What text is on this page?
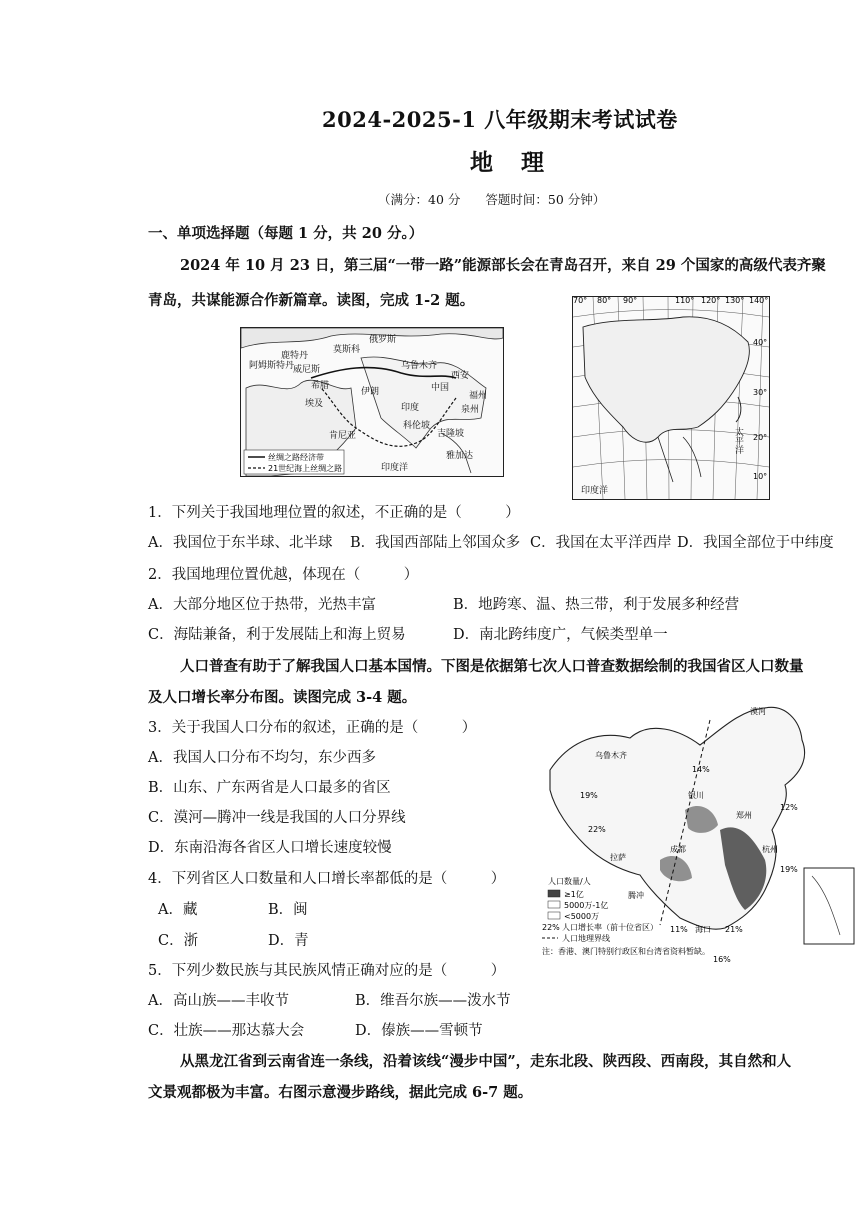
2024-2025-1 八年级期末考试试卷
地 理
（满分：40 分　　答题时间：50 分钟）
一、单项选择题（每题 1 分，共 20 分。）
2024 年 10 月 23 日，第三届“一带一路”能源部长会在青岛召开，来自 29 个国家的高级代表齐聚
青岛，共谋能源合作新篇章。读图，完成 1-2 题。
俄罗斯
乌鲁木齐
中国
西安
福州
泉州
伊朗
印度
科伦坡
雅加达
吉隆坡
肯尼亚
威尼斯
鹿特丹
莫斯科
阿姆斯特丹
希腊
埃及
丝绸之路经济带
21世纪海上丝绸之路	印度洋
70° 80° 90°	110° 120° 130° 140°
40°
30°
20°
10°
太平洋
印度洋
1．下列关于我国地理位置的叙述，不正确的是（　　　）
A．我国位于东半球、北半球 B．我国西部陆上邻国众多 C．我国在太平洋西岸 D．我国全部位于中纬度
2．我国地理位置优越，体现在（　　　）
A．大部分地区位于热带，光热丰富	B．地跨寒、温、热三带，利于发展多种经营
C．海陆兼备，利于发展陆上和海上贸易	D．南北跨纬度广，气候类型单一
人口普查有助于了解我国人口基本国情。下图是依据第七次人口普查数据绘制的我国省区人口数量
及人口增长率分布图。读图完成 3-4 题。
3．关于我国人口分布的叙述，正确的是（　　　）
A．我国人口分布不均匀，东少西多
B．山东、广东两省是人口最多的省区
C．漠河—腾冲一线是我国的人口分界线
D．东南沿海各省区人口增长速度较慢
4．下列省区人口数量和人口增长率都低的是（　　　）
A．藏	B．闽
C．浙	D．青
5．下列少数民族与其民族风情正确对应的是（　　　）
A．高山族——丰收节	B．维吾尔族——泼水节
C．壮族——那达慕大会	D．傣族——雪顿节
漠河
乌鲁木齐
银川
郑州
拉萨
腾冲
成都	杭州
海口
14%
19%
22%
12%
19%
11%	21%
16%
人口数量/人
≥1亿
5000万-1亿
<5000万
22% 人口增长率（前十位省区）
人口地理界线
注：香港、澳门特别行政区和台湾省资料暂缺。
从黑龙江省到云南省连一条线，沿着该线“漫步中国”，走东北段、陕西段、西南段，其自然和人
文景观都极为丰富。右图示意漫步路线，据此完成 6-7 题。
